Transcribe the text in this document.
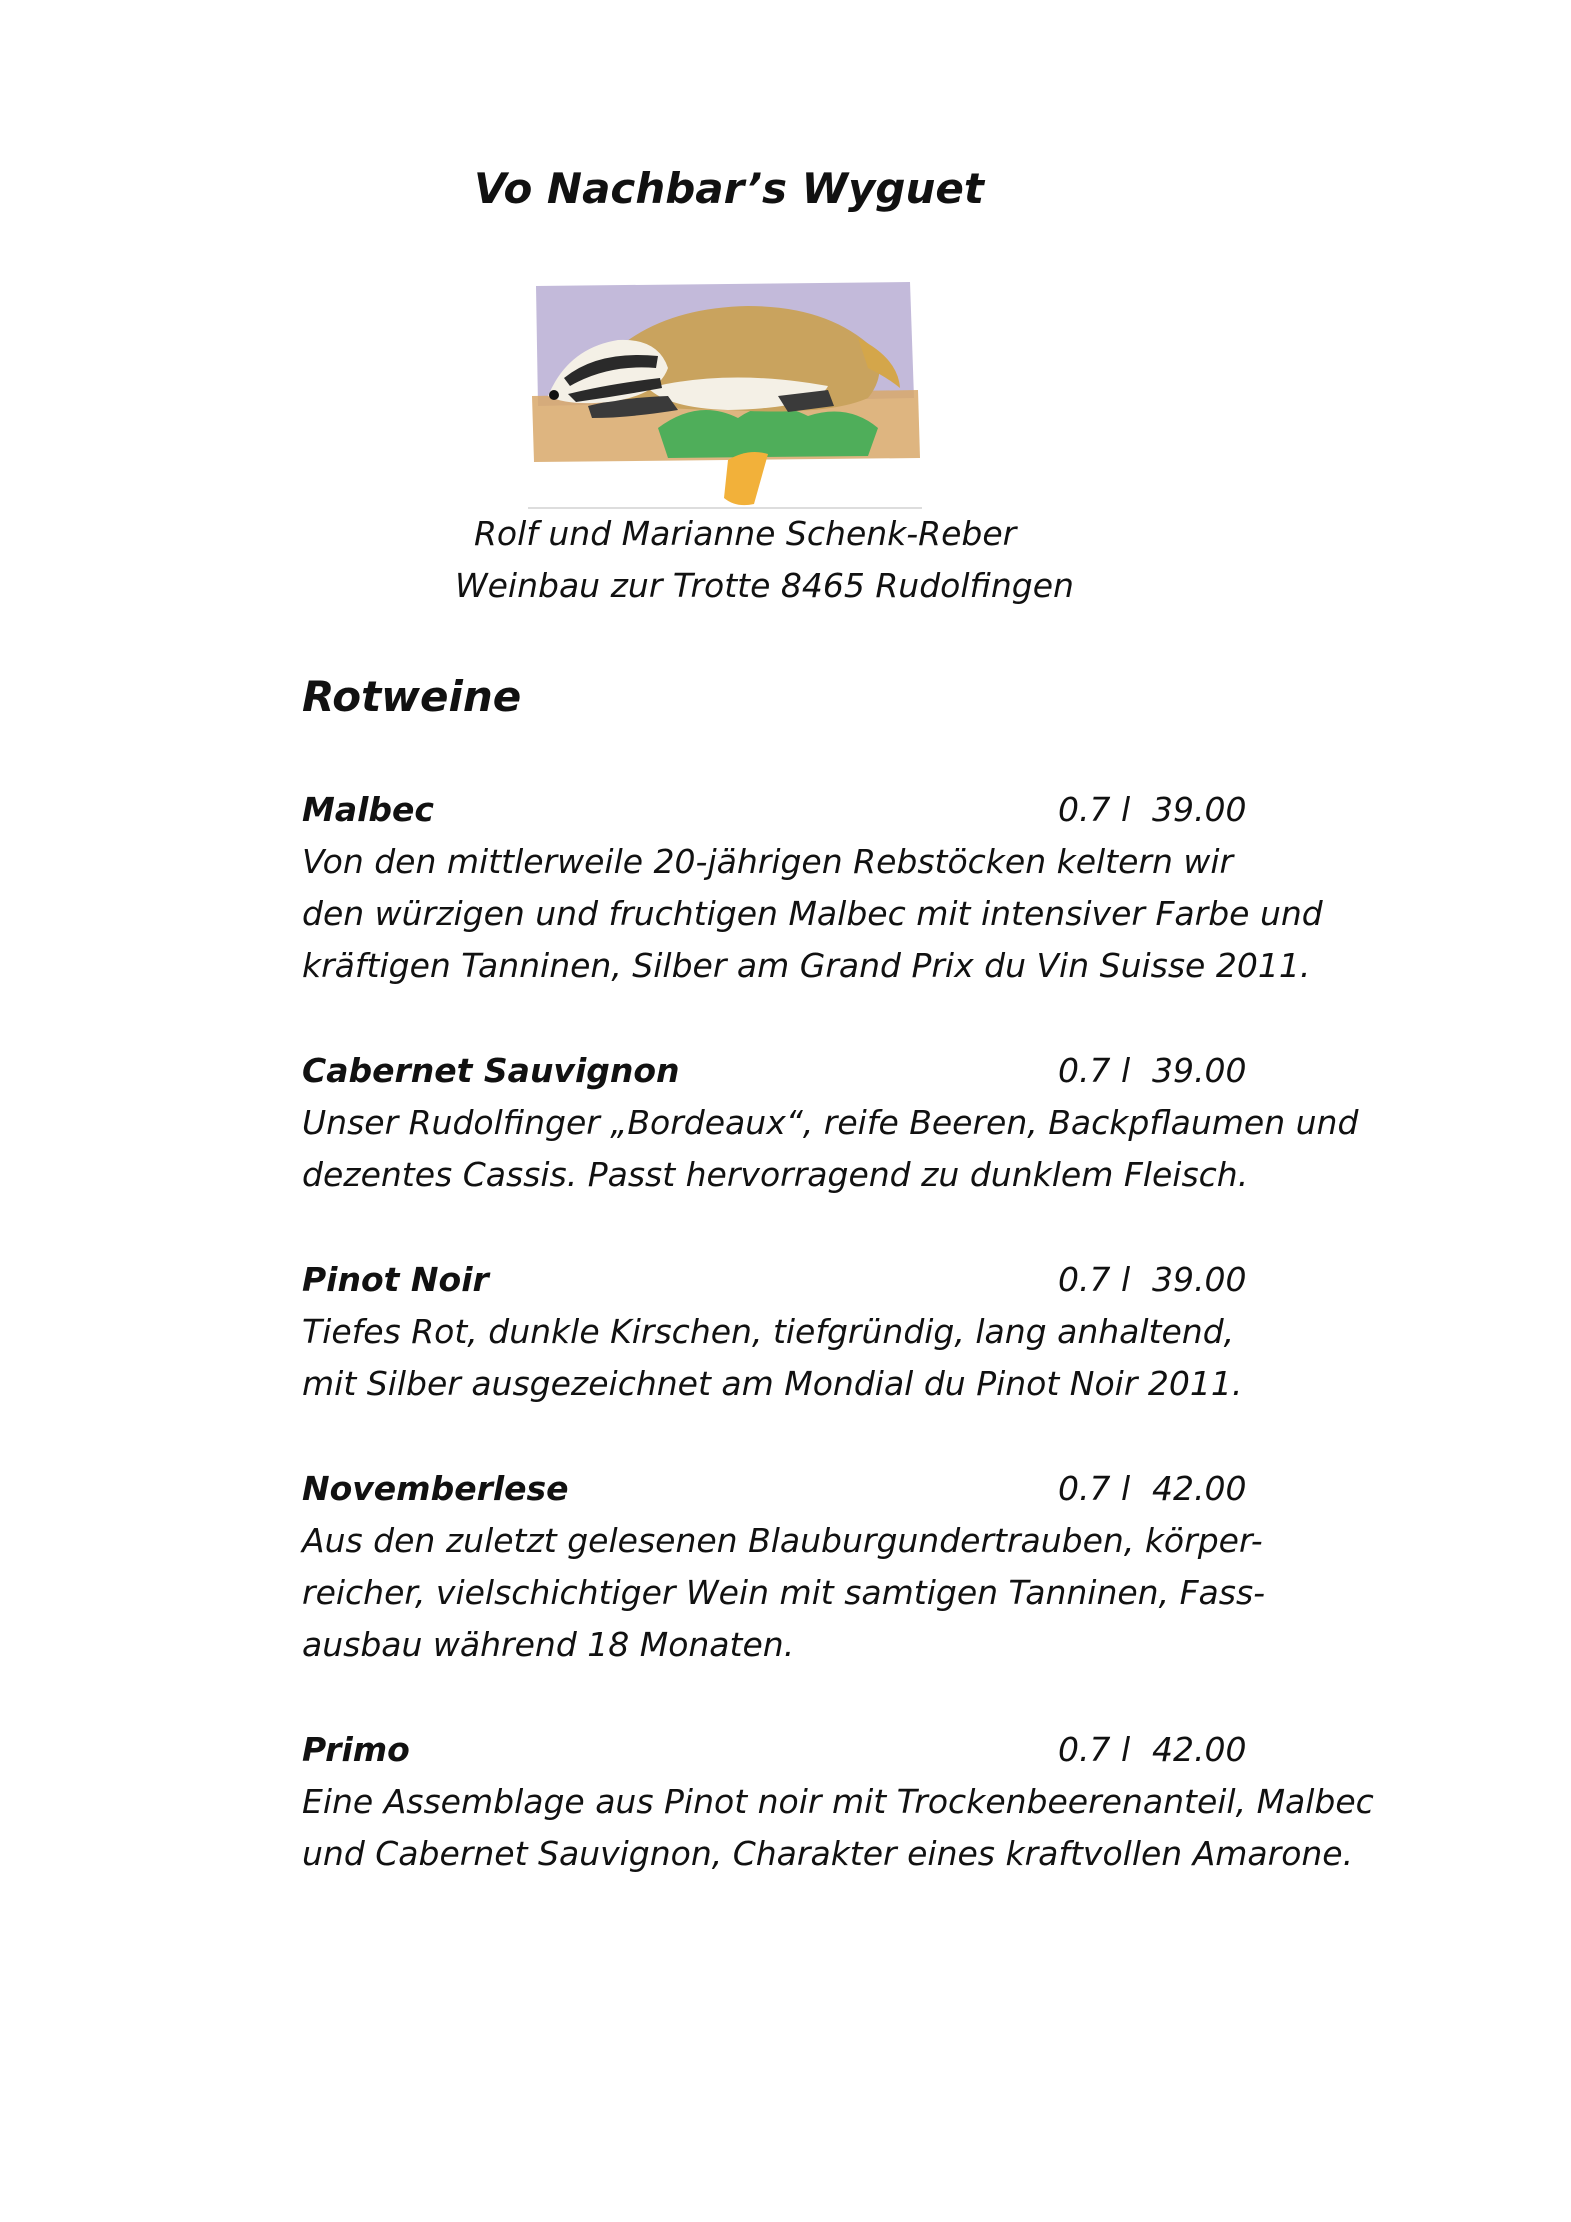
Vo Nachbar’s Wyguet
Rolf und Marianne Schenk-Reber
Weinbau zur Trotte 8465 Rudolfingen
Rotweine
Malbec	0.7 l 39.00
Von den mittlerweile 20-jährigen Rebstöcken keltern wir
den würzigen und fruchtigen Malbec mit intensiver Farbe und
kräftigen Tanninen, Silber am Grand Prix du Vin Suisse 2011.
Cabernet Sauvignon	0.7 l 39.00
Unser Rudolfinger „Bordeaux“, reife Beeren, Backpflaumen und
dezentes Cassis. Passt hervorragend zu dunklem Fleisch.
Pinot Noir	0.7 l 39.00
Tiefes Rot, dunkle Kirschen, tiefgründig, lang anhaltend,
mit Silber ausgezeichnet am Mondial du Pinot Noir 2011.
Novemberlese	0.7 l 42.00
Aus den zuletzt gelesenen Blauburgundertrauben, körper-
reicher, vielschichtiger Wein mit samtigen Tanninen, Fass-
ausbau während 18 Monaten.
Primo	0.7 l 42.00
Eine Assemblage aus Pinot noir mit Trockenbeerenanteil, Malbec
und Cabernet Sauvignon, Charakter eines kraftvollen Amarone.
